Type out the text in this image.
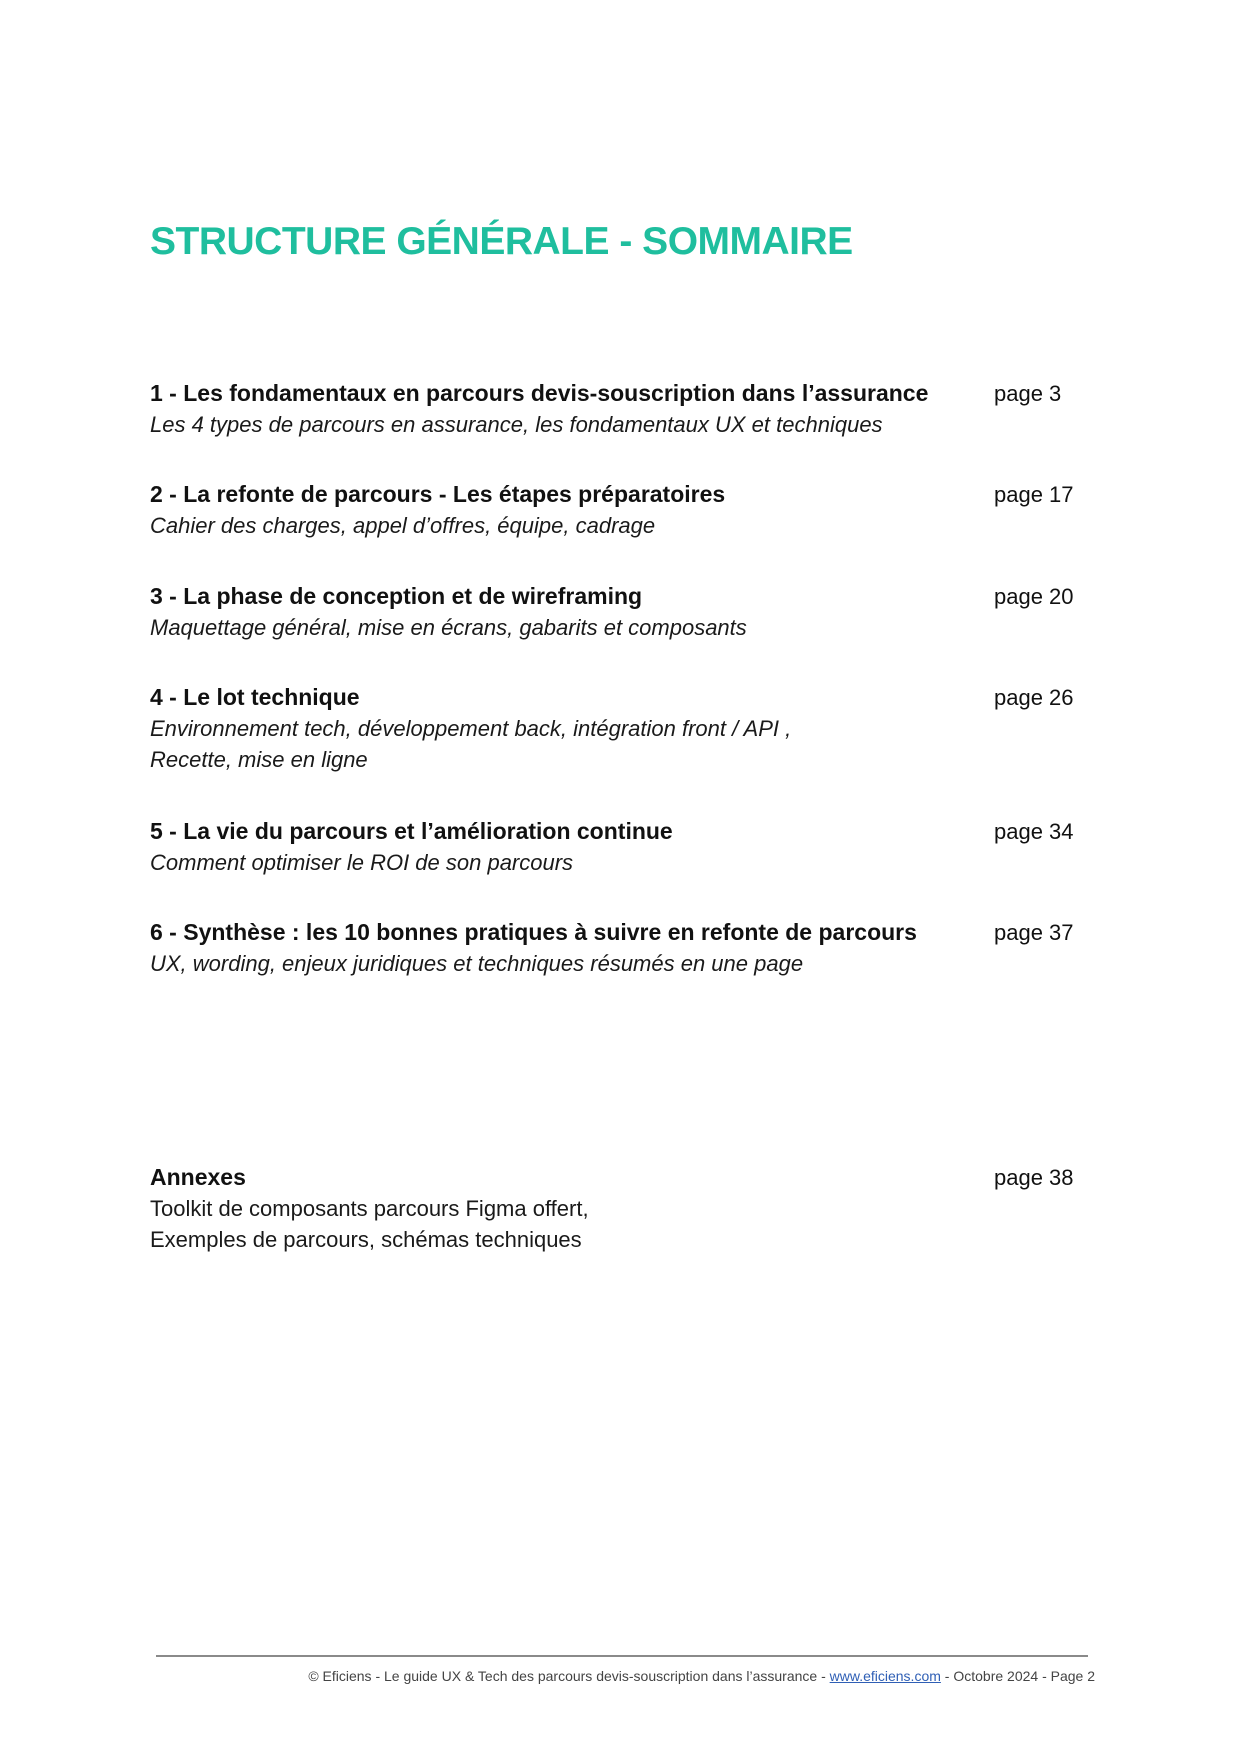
STRUCTURE GÉNÉRALE - SOMMAIRE
1 - Les fondamentaux en parcours devis-souscription dans l’assurance
Les 4 types de parcours en assurance, les fondamentaux UX et techniques
page 3
2 - La refonte de parcours - Les étapes préparatoires
Cahier des charges, appel d’offres, équipe, cadrage
page 17
3 - La phase de conception et de wireframing
Maquettage général, mise en écrans, gabarits et composants
page 20
4 - Le lot technique
Environnement tech, développement back, intégration front / API ,
Recette, mise en ligne
page 26
5 - La vie du parcours et l’amélioration continue
Comment optimiser le ROI de son parcours
page 34
6 - Synthèse : les 10 bonnes pratiques à suivre en refonte de parcours
UX, wording, enjeux juridiques et techniques résumés en une page
page 37
Annexes
Toolkit de composants parcours Figma offert,
Exemples de parcours, schémas techniques
page 38
© Eficiens - Le guide UX & Tech des parcours devis-souscription dans l’assurance - www.eficiens.com - Octobre 2024 - Page 2
